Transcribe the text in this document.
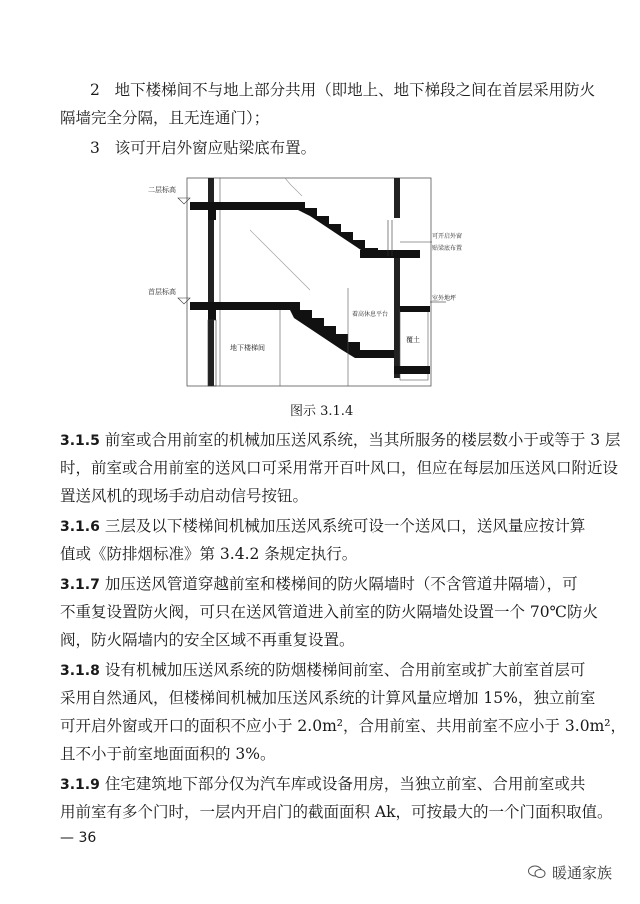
2 地下楼梯间不与地上部分共用（即地上、地下梯段之间在首层采用防火
隔墙完全分隔，且无连通门）；
3 该可开启外窗应贴梁底布置。
二层标高
首层标高
可开启外窗
贴梁底布置
室外地坪
着高休息平台
地下楼梯间
覆土
图示 3.1.4
3.1.5 前室或合用前室的机械加压送风系统，当其所服务的楼层数小于或等于 3 层
时，前室或合用前室的送风口可采用常开百叶风口，但应在每层加压送风口附近设
置送风机的现场手动启动信号按钮。
3.1.6 三层及以下楼梯间机械加压送风系统可设一个送风口，送风量应按计算
值或《防排烟标准》第 3.4.2 条规定执行。
3.1.7 加压送风管道穿越前室和楼梯间的防火隔墙时（不含管道井隔墙），可
不重复设置防火阀，可只在送风管道进入前室的防火隔墙处设置一个 70℃防火
阀，防火隔墙内的安全区域不再重复设置。
3.1.8 设有机械加压送风系统的防烟楼梯间前室、合用前室或扩大前室首层可
采用自然通风，但楼梯间机械加压送风系统的计算风量应增加 15%，独立前室
可开启外窗或开口的面积不应小于 2.0m²，合用前室、共用前室不应小于 3.0m²，
且不小于前室地面面积的 3%。
3.1.9 住宅建筑地下部分仅为汽车库或设备用房，当独立前室、合用前室或共
用前室有多个门时，一层内开启门的截面面积 Ak，可按最大的一个门面积取值。
— 36
暖通家族
